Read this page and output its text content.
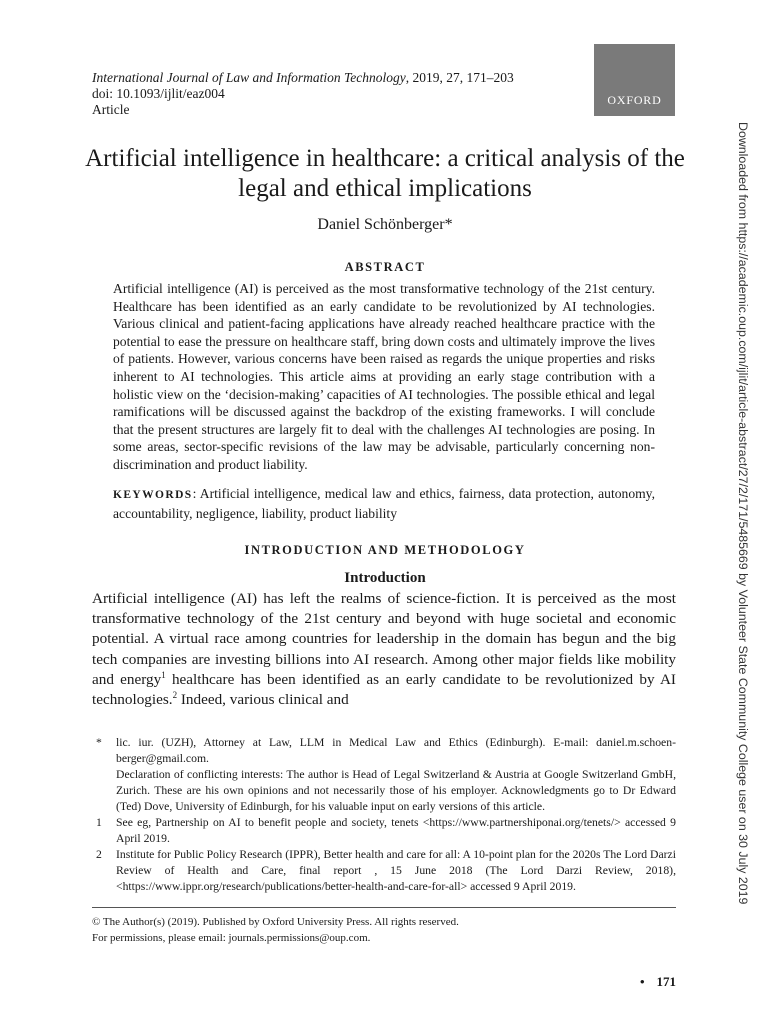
International Journal of Law and Information Technology, 2019, 27, 171–203
doi: 10.1093/ijlit/eaz004
Article
OXFORD
Downloaded from https://academic.oup.com/ijlit/article-abstract/27/2/171/5485669 by Volunteer State Community College user on 30 July 2019
Artificial intelligence in healthcare: a critical analysis of the legal and ethical implications
Daniel Schönberger*
ABSTRACT
Artificial intelligence (AI) is perceived as the most transformative technology of the 21st century. Healthcare has been identified as an early candidate to be revolutionized by AI technologies. Various clinical and patient-facing applications have already reached healthcare practice with the potential to ease the pressure on healthcare staff, bring down costs and ultimately improve the lives of patients. However, various concerns have been raised as regards the unique properties and risks inherent to AI technologies. This article aims at providing an early stage contribution with a holistic view on the ‘decision-making’ capacities of AI technologies. The possible ethical and legal ramifications will be discussed against the backdrop of the existing frameworks. I will conclude that the present structures are largely fit to deal with the challenges AI technologies are posing. In some areas, sector-specific revisions of the law may be advisable, particularly concerning non-discrimination and product liability.
KEYWORDS: Artificial intelligence, medical law and ethics, fairness, data protection, autonomy, accountability, negligence, liability, product liability
INTRODUCTION AND METHODOLOGY
Introduction
Artificial intelligence (AI) has left the realms of science-fiction. It is perceived as the most transformative technology of the 21st century and beyond with huge societal and economic potential. A virtual race among countries for leadership in the domain has begun and the big tech companies are investing billions into AI research. Among other major fields like mobility and energy$^1$ healthcare has been identified as an early candidate to be revolutionized by AI technologies.$^2$ Indeed, various clinical and
* lic. iur. (UZH), Attorney at Law, LLM in Medical Law and Ethics (Edinburgh). E-mail: daniel.m.schoenberger@gmail.com.
Declaration of conflicting interests: The author is Head of Legal Switzerland & Austria at Google Switzerland GmbH, Zurich. These are his own opinions and not necessarily those of his employer. Acknowledgments go to Dr Edward (Ted) Dove, University of Edinburgh, for his valuable input on early versions of this article.
1 See eg, Partnership on AI to benefit people and society, tenets <https://www.partnershiponai.org/tenets/> accessed 9 April 2019.
2 Institute for Public Policy Research (IPPR), Better health and care for all: A 10-point plan for the 2020s The Lord Darzi Review of Health and Care, final report , 15 June 2018 (The Lord Darzi Review, 2018), <https://www.ippr.org/research/publications/better-health-and-care-for-all> accessed 9 April 2019.
© The Author(s) (2019). Published by Oxford University Press. All rights reserved.
For permissions, please email: journals.permissions@oup.com.
• 171
